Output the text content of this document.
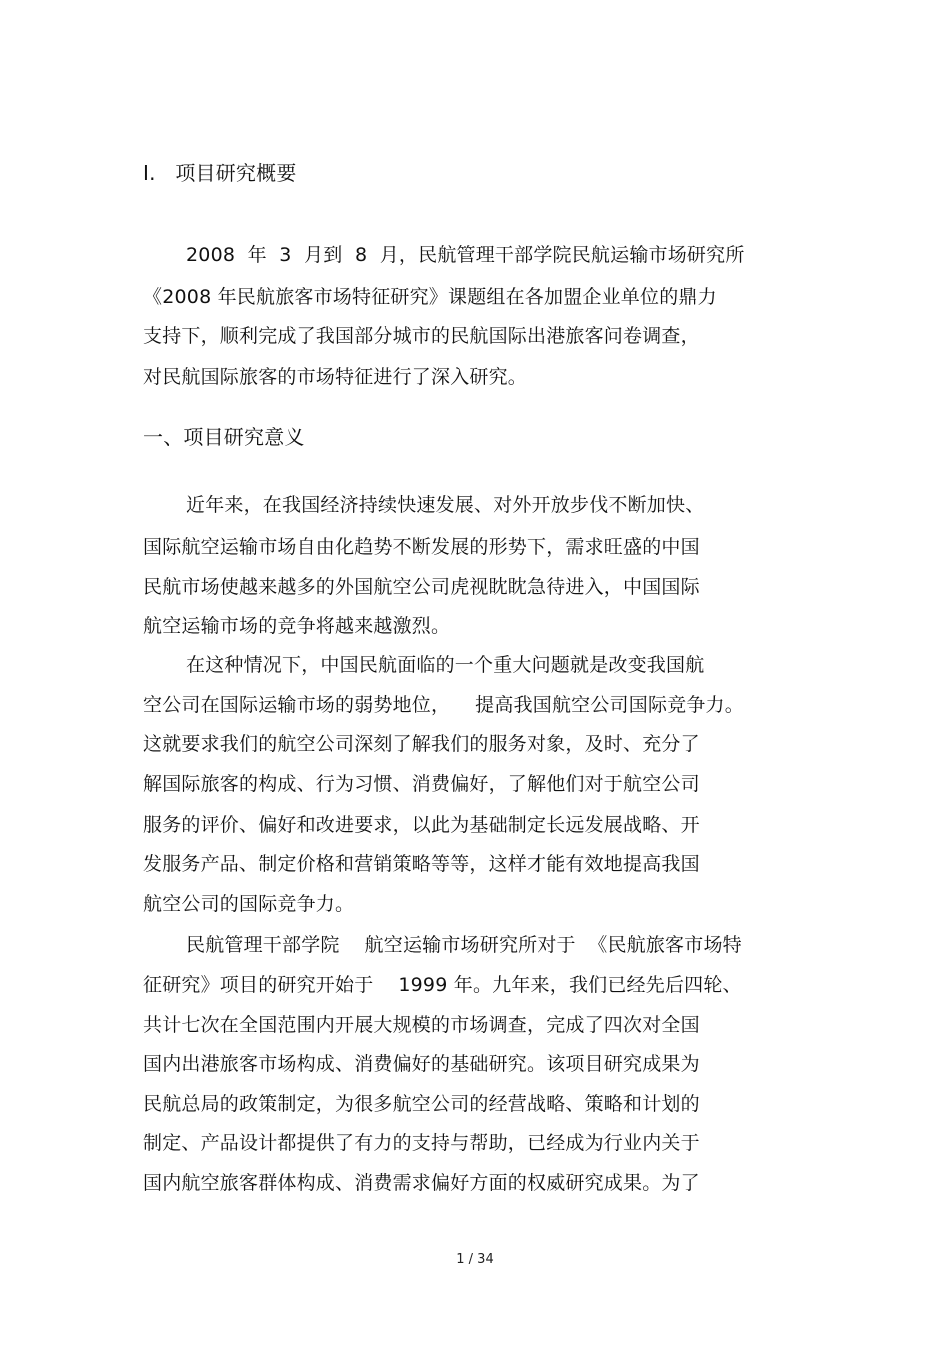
I.   项目研究概要
2008  年  3  月到  8  月，民航管理干部学院民航运输市场研究所
《2008 年民航旅客市场特征研究》课题组在各加盟企业单位的鼎力
支持下，顺利完成了我国部分城市的民航国际出港旅客问卷调查，
对民航国际旅客的市场特征进行了深入研究。
一、项目研究意义
近年来，在我国经济持续快速发展、对外开放步伐不断加快、
国际航空运输市场自由化趋势不断发展的形势下，需求旺盛的中国
民航市场使越来越多的外国航空公司虎视眈眈急待进入，中国国际
航空运输市场的竞争将越来越激烈。
在这种情况下，中国民航面临的一个重大问题就是改变我国航
空公司在国际运输市场的弱势地位，    提高我国航空公司国际竞争力。
这就要求我们的航空公司深刻了解我们的服务对象，及时、充分了
解国际旅客的构成、行为习惯、消费偏好，了解他们对于航空公司
服务的评价、偏好和改进要求，以此为基础制定长远发展战略、开
发服务产品、制定价格和营销策略等等，这样才能有效地提高我国
航空公司的国际竞争力。
民航管理干部学院    航空运输市场研究所对于  《民航旅客市场特
征研究》项目的研究开始于    1999 年。九年来，我们已经先后四轮、
共计七次在全国范围内开展大规模的市场调查，完成了四次对全国
国内出港旅客市场构成、消费偏好的基础研究。该项目研究成果为
民航总局的政策制定，为很多航空公司的经营战略、策略和计划的
制定、产品设计都提供了有力的支持与帮助，已经成为行业内关于
国内航空旅客群体构成、消费需求偏好方面的权威研究成果。为了
1 / 34
